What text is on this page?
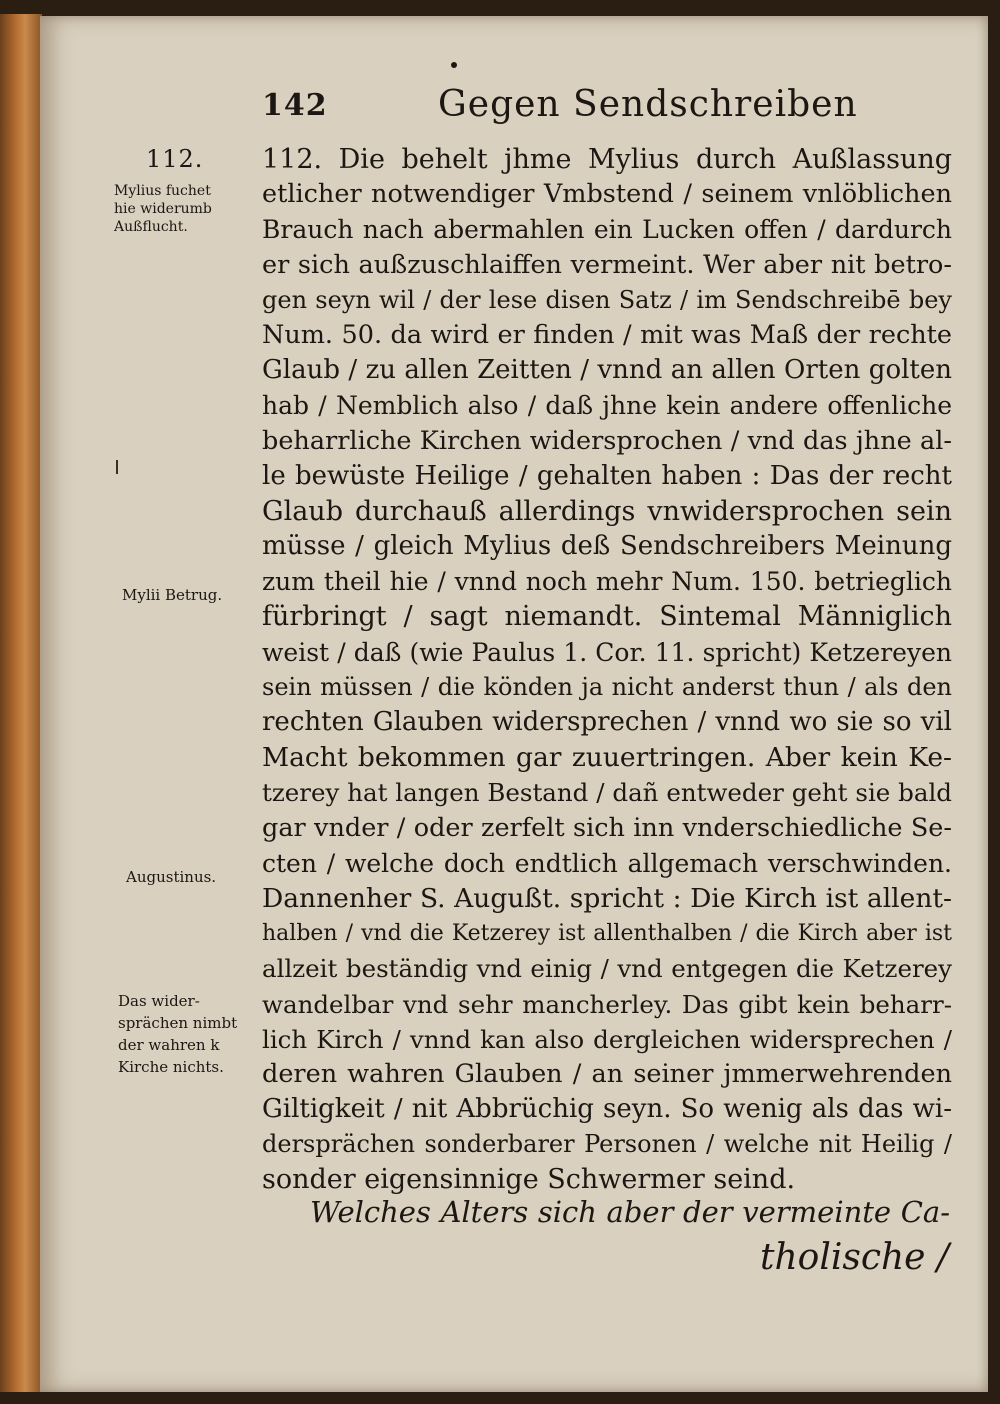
142	Gegen Sendschreiben
112.
Mylius fuchet
hie widerumb
Außflucht.
Mylii Betrug.
Augustinus.
Das wider-
sprächen nimbt
der wahren k
Kirche nichts.
112. Die behelt jhme Mylius durch Außlassung
etlicher notwendiger Vmbstend / seinem vnlöblichen
Brauch nach abermahlen ein Lucken offen / dardurch
er sich außzuschlaiffen vermeint. Wer aber nit betro-
gen seyn wil / der lese disen Satz / im Sendschreibē bey
Num. 50. da wird er finden / mit was Maß der rechte
Glaub / zu allen Zeitten / vnnd an allen Orten golten
hab / Nemblich also / daß jhne kein andere offenliche
beharrliche Kirchen widersprochen / vnd das jhne al-
le bewüste Heilige / gehalten haben : Das der recht
Glaub durchauß allerdings vnwidersprochen sein
müsse / gleich Mylius deß Sendschreibers Meinung
zum theil hie / vnnd noch mehr Num. 150. betrieglich
fürbringt / sagt niemandt. Sintemal Männiglich
weist / daß (wie Paulus 1. Cor. 11. spricht) Ketzereyen
sein müssen / die könden ja nicht anderst thun / als den
rechten Glauben widersprechen / vnnd wo sie so vil
Macht bekommen gar zuuertringen. Aber kein Ke-
tzerey hat langen Bestand / dañ entweder geht sie bald
gar vnder / oder zerfelt sich inn vnderschiedliche Se-
cten / welche doch endtlich allgemach verschwinden.
Dannenher S. Augußt. spricht : Die Kirch ist allent-
halben / vnd die Ketzerey ist allenthalben / die Kirch aber ist
allzeit beständig vnd einig / vnd entgegen die Ketzerey
wandelbar vnd sehr mancherley. Das gibt kein beharr-
lich Kirch / vnnd kan also dergleichen widersprechen /
deren wahren Glauben / an seiner jmmerwehrenden
Giltigkeit / nit Abbrüchig seyn. So wenig als das wi-
dersprächen sonderbarer Personen / welche nit Heilig /
sonder eigensinnige Schwermer seind.
Welches Alters sich aber der vermeinte Ca-
tholische /
